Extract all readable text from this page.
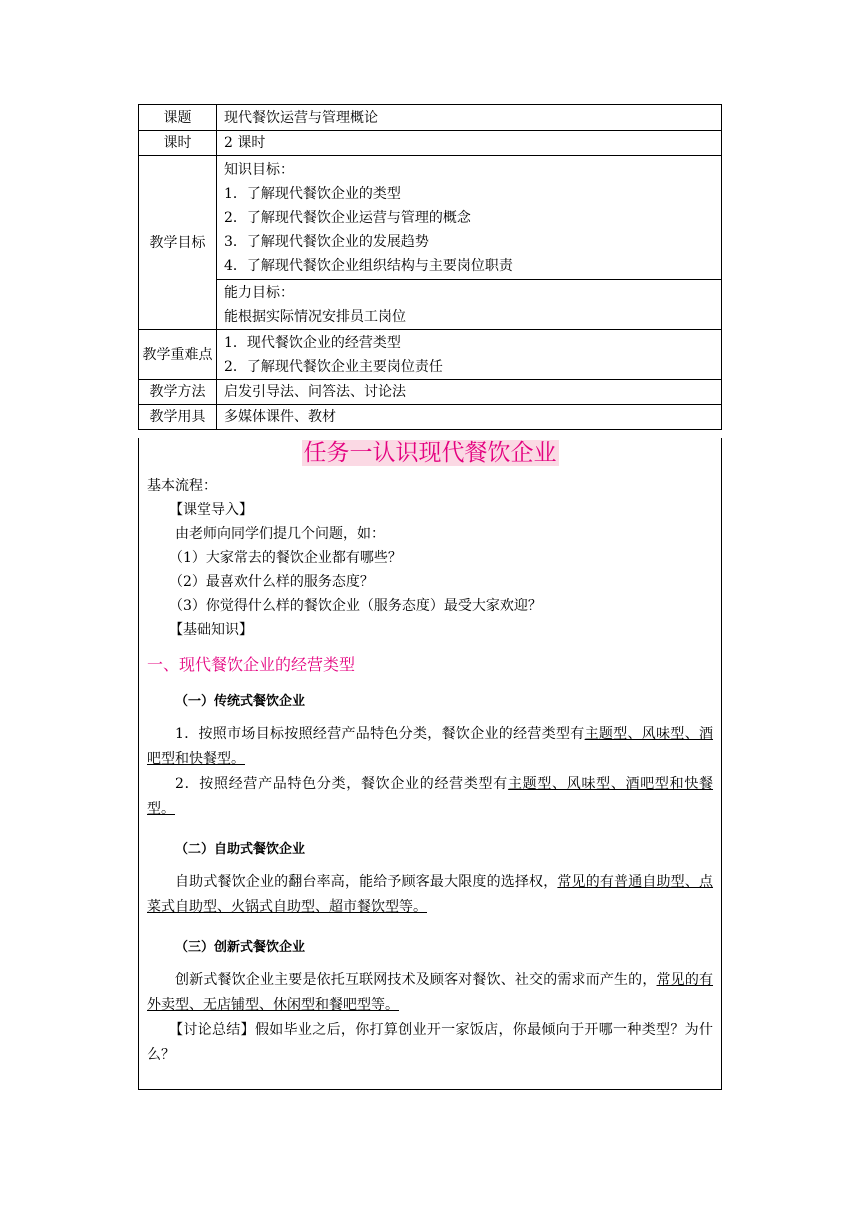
课题	现代餐饮运营与管理概论
课时	2 课时
教学目标	知识目标：
1．了解现代餐饮企业的类型
2．了解现代餐饮企业运营与管理的概念
3．了解现代餐饮企业的发展趋势
4．了解现代餐饮企业组织结构与主要岗位职责

	能力目标：
能根据实际情况安排员工岗位

教学重难点	1．现代餐饮企业的经营类型
2．了解现代餐饮企业主要岗位责任

教学方法	启发引导法、问答法、讨论法
教学用具	多媒体课件、教材
任务一认识现代餐饮企业

基本流程：

【课堂导入】

由老师向同学们提几个问题，如：

（1）大家常去的餐饮企业都有哪些？

（2）最喜欢什么样的服务态度？

（3）你觉得什么样的餐饮企业（服务态度）最受大家欢迎？

【基础知识】

一、现代餐饮企业的经营类型
（一）传统式餐饮企业

1．按照市场目标按照经营产品特色分类，餐饮企业的经营类型有主题型、风味型、酒吧型和快餐型。

2．按照经营产品特色分类，餐饮企业的经营类型有主题型、风味型、酒吧型和快餐型。

（二）自助式餐饮企业

自助式餐饮企业的翻台率高，能给予顾客最大限度的选择权，常见的有普通自助型、点菜式自助型、火锅式自助型、超市餐饮型等。

（三）创新式餐饮企业

创新式餐饮企业主要是依托互联网技术及顾客对餐饮、社交的需求而产生的，常见的有外卖型、无店铺型、休闲型和餐吧型等。

【讨论总结】假如毕业之后，你打算创业开一家饭店，你最倾向于开哪一种类型？为什么？
